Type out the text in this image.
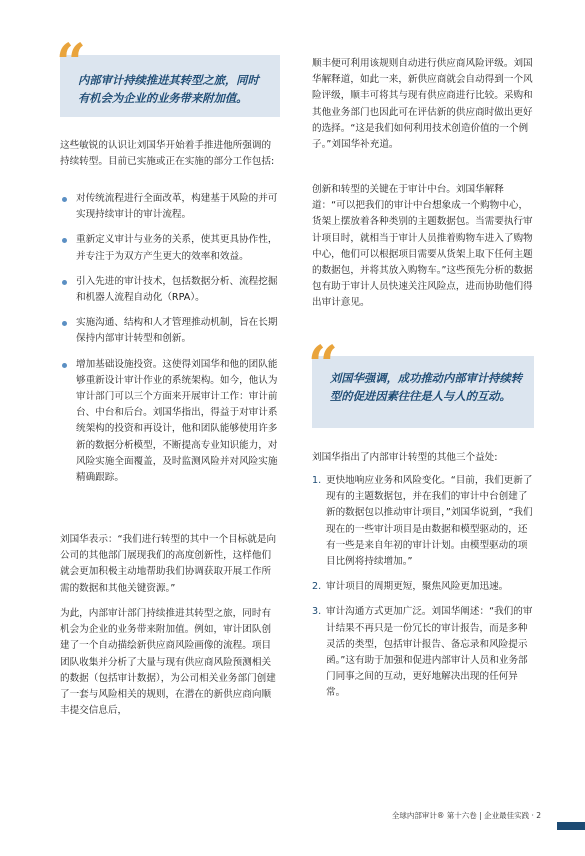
“
内部审计持续推进其转型之旅，同时有机会为企业的业务带来附加值。

这些敏锐的认识让刘国华开始着手推进他所强调的持续转型。目前已实施或正在实施的部分工作包括:

对传统流程进行全面改革，构建基于风险的并可实现持续审计的审计流程。
重新定义审计与业务的关系，使其更具协作性，并专注于为双方产生更大的效率和效益。
引入先进的审计技术，包括数据分析、流程挖掘和机器人流程自动化（RPA）。
实施沟通、结构和人才管理推动机制，旨在长期保持内部审计转型和创新。
增加基础设施投资。这使得刘国华和他的团队能够重新设计审计作业的系统架构。如今，他认为审计部门可以三个方面来开展审计工作：审计前台、中台和后台。刘国华指出，得益于对审计系统架构的投资和再设计，他和团队能够使用许多新的数据分析模型，不断提高专业知识能力，对风险实施全面覆盖，及时监测风险并对风险实施精确跟踪。

刘国华表示：“我们进行转型的其中一个目标就是向公司的其他部门展现我们的高度创新性，这样他们就会更加积极主动地帮助我们协调获取开展工作所需的数据和其他关键资源。”

为此，内部审计部门持续推进其转型之旅，同时有机会为企业的业务带来附加值。例如，审计团队创建了一个自动描绘新供应商风险画像的流程。项目团队收集并分析了大量与现有供应商风险预测相关的数据（包括审计数据），为公司相关业务部门创建了一套与风险相关的规则，在潜在的新供应商向顺丰提交信息后，

顺丰便可利用该规则自动进行供应商风险评级。刘国华解释道，如此一来，新供应商就会自动得到一个风险评级，顺丰可将其与现有供应商进行比较。采购和其他业务部门也因此可在评估新的供应商时做出更好的选择。“这是我们如何利用技术创造价值的一个例子。”刘国华补充道。

创新和转型的关键在于审计中台。刘国华解释道：“可以把我们的审计中台想象成一个购物中心，货架上摆放着各种类别的主题数据包。当需要执行审计项目时，就相当于审计人员推着购物车进入了购物中心，他们可以根据项目需要从货架上取下任何主题的数据包，并将其放入购物车。”这些预先分析的数据包有助于审计人员快速关注风险点，进而协助他们得出审计意见。

“
刘国华强调，成功推动内部审计持续转型的促进因素往往是人与人的互动。

刘国华指出了内部审计转型的其他三个益处:

1. 更快地响应业务和风险变化。“目前，我们更新了现有的主题数据包，并在我们的审计中台创建了新的数据包以推动审计项目，”刘国华说到，“我们现在的一些审计项目是由数据和模型驱动的，还有一些是来自年初的审计计划。由模型驱动的项目比例将持续增加。”
2. 审计项目的周期更短，聚焦风险更加迅速。
3. 审计沟通方式更加广泛。刘国华阐述：“我们的审计结果不再只是一份冗长的审计报告，而是多种灵活的类型，包括审计报告、备忘录和风险提示函。”这有助于加强和促进内部审计人员和业务部门同事之间的互动，更好地解决出现的任何异常。
全球内部审计® 第十六卷 | 企业最佳实践 · 2
